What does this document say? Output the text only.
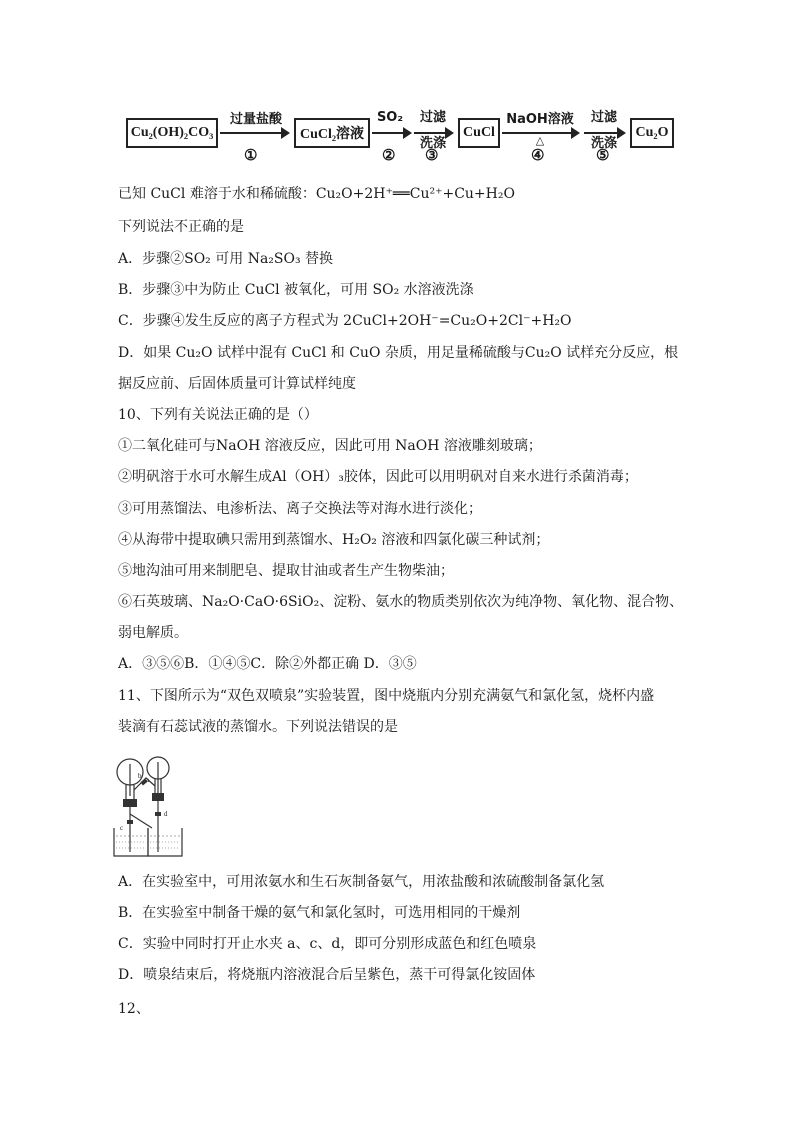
Cu₂(OH)₂CO₃
过量盐酸
①
CuCl₂溶液
SO₂
②
过滤
洗涤
③
CuCl
NaOH溶液
△
④
过滤
洗涤
⑤
Cu₂O
已知 CuCl 难溶于水和稀硫酸：Cu₂O+2H⁺══Cu²⁺+Cu+H₂O
下列说法不正确的是
A．步骤②SO₂ 可用 Na₂SO₃ 替换
B．步骤③中为防止 CuCl 被氧化，可用 SO₂ 水溶液洗涤
C．步骤④发生反应的离子方程式为 2CuCl+2OH⁻=Cu₂O+2Cl⁻+H₂O
D．如果 Cu₂O 试样中混有 CuCl 和 CuO 杂质，用足量稀硫酸与Cu₂O 试样充分反应，根
据反应前、后固体质量可计算试样纯度
10、下列有关说法正确的是（）
①二氧化硅可与NaOH 溶液反应，因此可用 NaOH 溶液雕刻玻璃；
②明矾溶于水可水解生成Al（OH）₃胶体，因此可以用明矾对自来水进行杀菌消毒；
③可用蒸馏法、电渗析法、离子交换法等对海水进行淡化；
④从海带中提取碘只需用到蒸馏水、H₂O₂ 溶液和四氯化碳三种试剂；
⑤地沟油可用来制肥皂、提取甘油或者生产生物柴油；
⑥石英玻璃、Na₂O·CaO·6SiO₂、淀粉、氨水的物质类别依次为纯净物、氧化物、混合物、
弱电解质。
A．③⑤⑥B．①④⑤C．除②外都正确 D．③⑤
11、下图所示为“双色双喷泉”实验装置，图中烧瓶内分别充满氨气和氯化氢，烧杯内盛
装滴有石蕊试液的蒸馏水。下列说法错误的是
a
b
c
d
A．在实验室中，可用浓氨水和生石灰制备氨气，用浓盐酸和浓硫酸制备氯化氢
B．在实验室中制备干燥的氨气和氯化氢时，可选用相同的干燥剂
C．实验中同时打开止水夹 a、c、d，即可分别形成蓝色和红色喷泉
D．喷泉结束后，将烧瓶内溶液混合后呈紫色，蒸干可得氯化铵固体
12、
